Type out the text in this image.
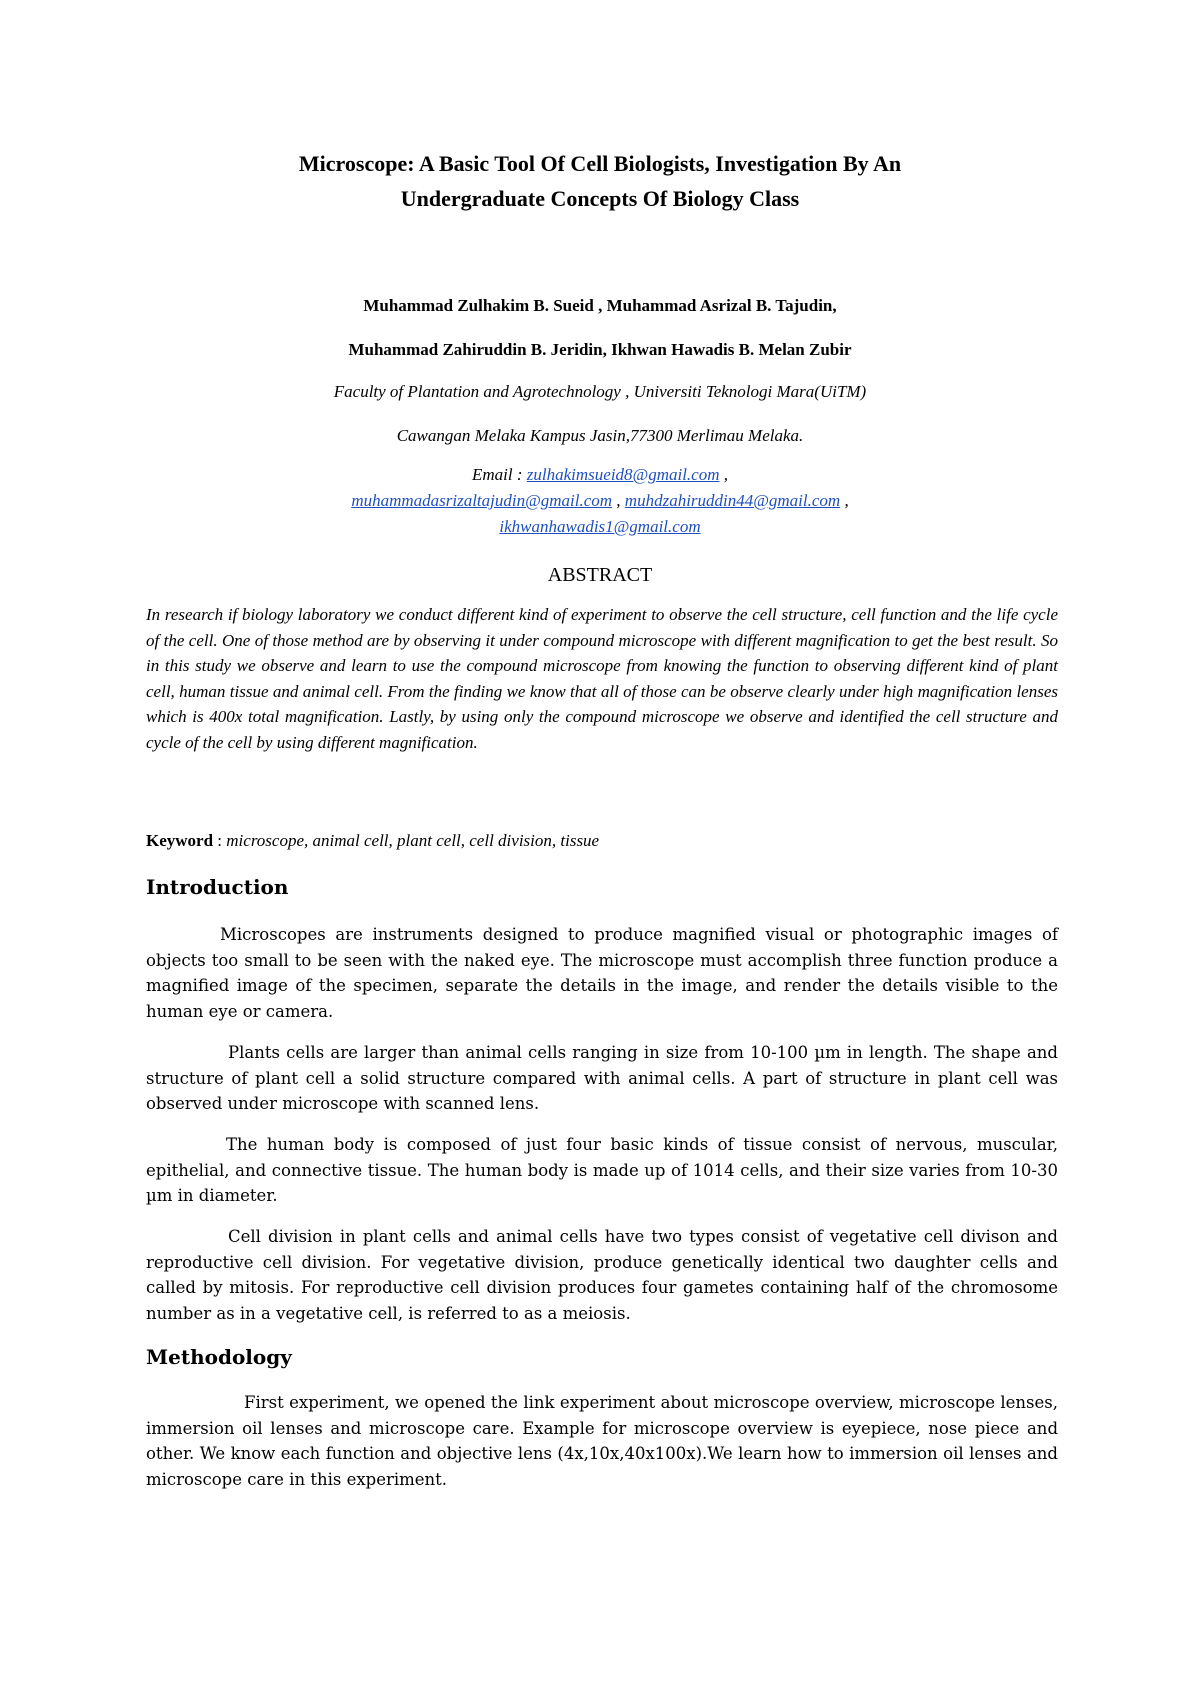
Microscope: A Basic Tool Of Cell Biologists, Investigation By An
Undergraduate Concepts Of Biology Class
Muhammad Zulhakim B. Sueid , Muhammad Asrizal B. Tajudin,
Muhammad Zahiruddin B. Jeridin, Ikhwan Hawadis B. Melan Zubir
Faculty of Plantation and Agrotechnology , Universiti Teknologi Mara(UiTM)
Cawangan Melaka Kampus Jasin,77300 Merlimau Melaka.
Email : zulhakimsueid8@gmail.com ,
muhammadasrizaltajudin@gmail.com , muhdzahiruddin44@gmail.com ,
ikhwanhawadis1@gmail.com
ABSTRACT
In research if biology laboratory we conduct different kind of experiment to observe the cell structure, cell function and the life cycle of the cell. One of those method are by observing it under compound microscope with different magnification to get the best result. So in this study we observe and learn to use the compound microscope from knowing the function to observing different kind of plant cell, human tissue and animal cell. From the finding we know that all of those can be observe clearly under high magnification lenses which is 400x total magnification. Lastly, by using only the compound microscope we observe and identified the cell structure and cycle of the cell by using different magnification.
Keyword : microscope, animal cell, plant cell, cell division, tissue
Introduction
Microscopes are instruments designed to produce magnified visual or photographic images of objects too small to be seen with the naked eye. The microscope must accomplish three function produce a magnified image of the specimen, separate the details in the image, and render the details visible to the human eye or camera.
Plants cells are larger than animal cells ranging in size from 10-100 µm in length. The shape and structure of plant cell a solid structure compared with animal cells. A part of structure in plant cell was observed under microscope with scanned lens.
The human body is composed of just four basic kinds of tissue consist of nervous, muscular, epithelial, and connective tissue. The human body is made up of 1014 cells, and their size varies from 10-30 µm in diameter.
Cell division in plant cells and animal cells have two types consist of vegetative cell divison and reproductive cell division. For vegetative division, produce genetically identical two daughter cells and called by mitosis. For reproductive cell division produces four gametes containing half of the chromosome number as in a vegetative cell, is referred to as a meiosis.
Methodology
First experiment, we opened the link experiment about microscope overview, microscope lenses, immersion oil lenses and microscope care. Example for microscope overview is eyepiece, nose piece and other. We know each function and objective lens (4x,10x,40x100x).We learn how to immersion oil lenses and microscope care in this experiment.
